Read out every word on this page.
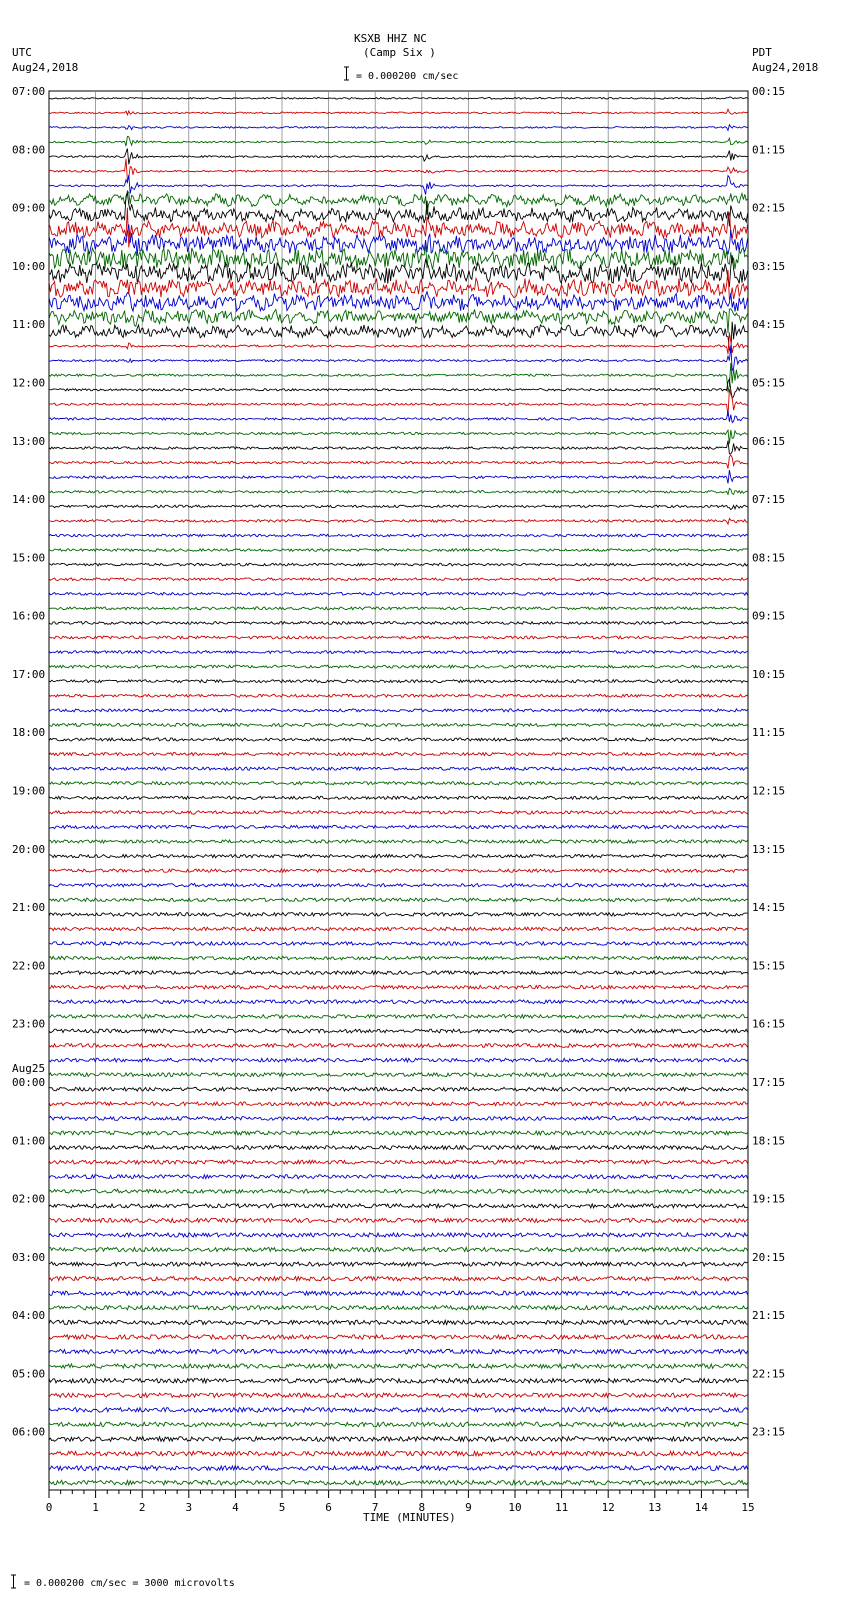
KSXB HHZ NC
(Camp Six )
= 0.000200 cm/sec
UTC
Aug24,2018
PDT
Aug24,2018
TIME (MINUTES)
= 0.000200 cm/sec = 3000 microvolts
0	1	2	3	4	5	6	7	8	9	10	11	12	13	14	15
07:00
08:00
09:00
10:00
11:00
12:00
13:00
14:00
15:00
16:00
17:00
18:00
19:00
20:00
21:00
22:00
23:00
00:00
Aug25
01:00
02:00
03:00
04:00
05:00
06:00
00:15
01:15
02:15
03:15
04:15
05:15
06:15
07:15
08:15
09:15
10:15
11:15
12:15
13:15
14:15
15:15
16:15
17:15
18:15
19:15
20:15
21:15
22:15
23:15
